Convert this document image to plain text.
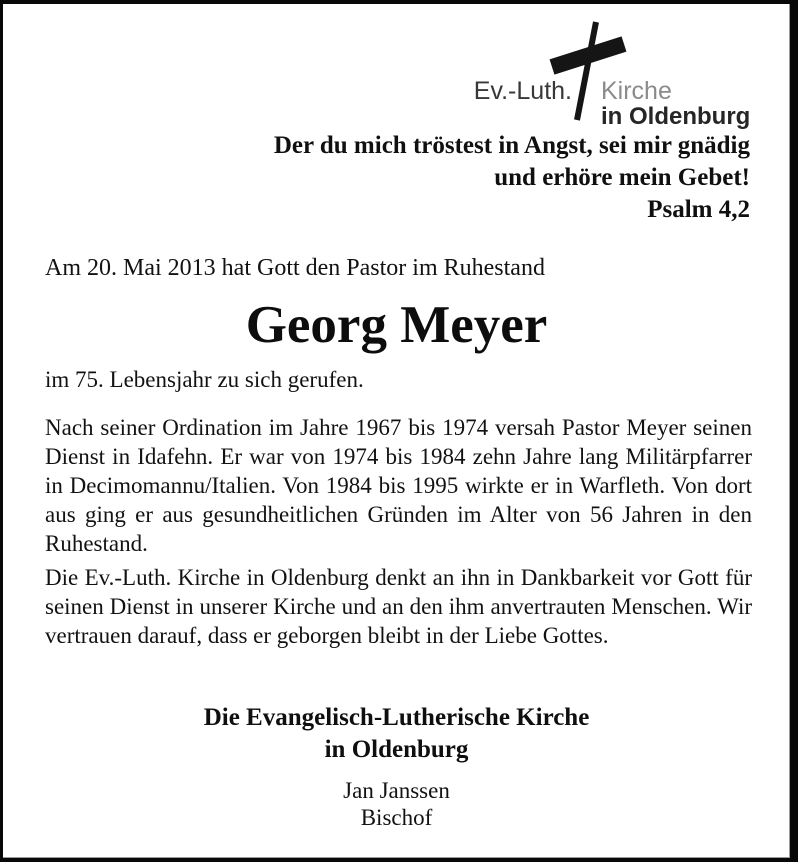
Ev.-Luth. Kirche
in Oldenburg
Der du mich tröstest in Angst, sei mir gnädig
und erhöre mein Gebet!
Psalm 4,2
Am 20. Mai 2013 hat Gott den Pastor im Ruhestand
Georg Meyer
im 75. Lebensjahr zu sich gerufen.

Nach seiner Ordination im Jahre 1967 bis 1974 versah Pastor Meyer seinen Dienst in Idafehn. Er war von 1974 bis 1984 zehn Jahre lang Militärpfarrer in Decimomannu/Italien. Von 1984 bis 1995 wirkte er in Warfleth. Von dort aus ging er aus gesundheitlichen Gründen im Alter von 56 Jahren in den Ruhestand.

Die Ev.-Luth. Kirche in Oldenburg denkt an ihn in Dankbarkeit vor Gott für seinen Dienst in unserer Kirche und an den ihm anvertrauten Menschen. Wir vertrauen darauf, dass er geborgen bleibt in der Liebe Gottes.

Die Evangelisch-Lutherische Kirche
in Oldenburg
Jan Janssen
Bischof
